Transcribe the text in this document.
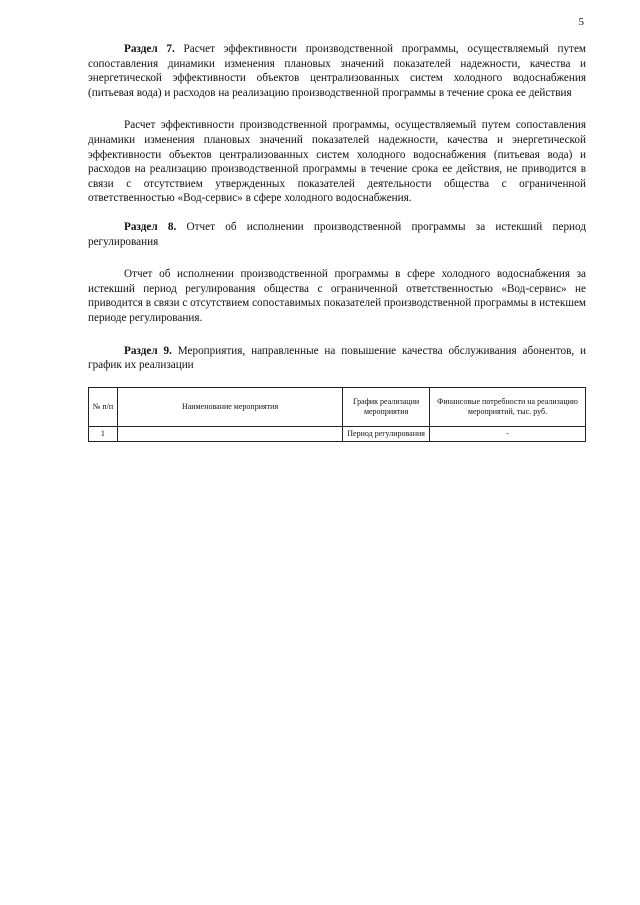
5

Раздел 7. Расчет эффективности производственной программы, осуществляемый путем сопоставления динамики изменения плановых значений показателей надежности, качества и энергетической эффективности объектов централизованных систем холодного водоснабжения (питьевая вода) и расходов на реализацию производственной программы в течение срока ее действия

Расчет эффективности производственной программы, осуществляемый путем сопоставления динамики изменения плановых значений показателей надежности, качества и энергетической эффективности объектов централизованных систем холодного водоснабжения (питьевая вода) и расходов на реализацию производственной программы в течение срока ее действия, не приводится в связи с отсутствием утвержденных показателей деятельности общества с ограниченной ответственностью «Вод-сервис» в сфере холодного водоснабжения.

Раздел 8. Отчет об исполнении производственной программы за истекший период регулирования

Отчет об исполнении производственной программы в сфере холодного водоснабжения за истекший период регулирования общества с ограниченной ответственностью «Вод-сервис» не приводится в связи с отсутствием сопоставимых показателей производственной программы в истекшем периоде регулирования.

Раздел 9. Мероприятия, направленные на повышение качества обслуживания абонентов, и график их реализации

№ п/п	Наименование мероприятия	График реализации мероприятия	Финансовые потребности на реализацию мероприятий, тыс. руб.
1		Период регулирования	-
